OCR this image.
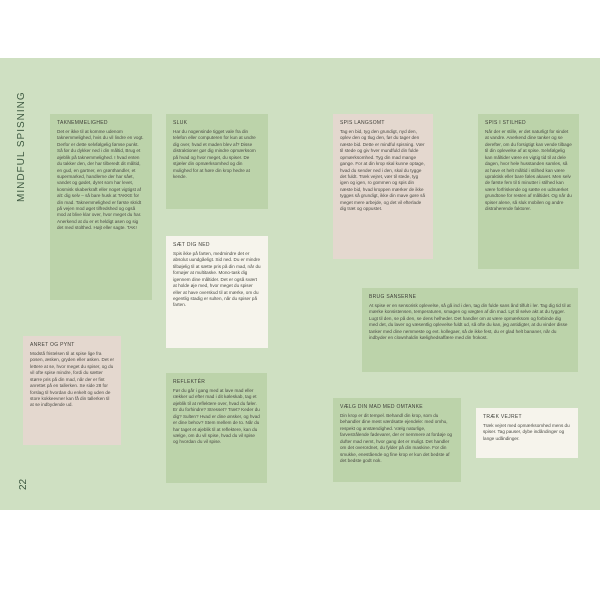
MINDFUL SPISNING
22
TAKNEMMELIGHED

Det er ikke til at komme udenom taknemmelighed, hvis du vil lindre en vogt. Derfor er dette selvfølgelig fømse punkt. Så før du dykker ned i din måltid, Brug et øjeblik på taknemmelighed. I hvad enten du takker den, der har tilberedt dit måltid, en gud, en gartner, en grønthandler, et supermarked, handlerne der har sået, vandet og gødet, dyret som har levet, kosmisk skaberkraft eller noget vigtigst af alt: dig selv – så bare husk at TAKKE for din mad. Taknemmelighed er første skridt på vejen mod øget tilfredshed og også mod at blive klar over, hvor meget du har. Anerkend at du er et heldigt asen og sig det med stolthed. Højt eller sagte. TAK!

SLUK

Har du nogensinde tigget vale fra din telefon eller computeren for kun at undre dig over, hvad et maden blev af? Disse distraktioner gør dig mindre opmærksom på hvad og hvor meget, du spiser. De stjæler din opmærksomhed og din mulighed for at høre din krop hedre at kende.

SPIS LANGSOMT

Tag en bid, tyg den grundigt, nyd den, oplev den og tlug den, før du tager den næste bid. Dette er mindful spisning. Vær til stede og giv hver mundfuld din fulde opmærksomhed. Tyg din mad mange gange. For at din krop skal kunne optage, hvad du sender ned i den, skal du tygge det fuldt. Træk vejret, vær til stede, tyg igen og igen, ro gommen og spis din næste bid, hvad kroppen mærker de ikke tygges så grundigt, ikke din mave gøre så meget mere arbejde, og det vil efterlade dig træt og oppustet.

SPIS I STILHED

Når der er stille, er det naturligt for sindet at vandre. Anerkend dine tanker og se derefter, om du forsigtigt kan vende tilbage til din oplevelse af at spise. Selvfølgelig kan måltider være en vigtig tid til at dele dagen, hvor hele husstanden samles, så at have et helt måltid i stilhed kan være upraktisk eller bare føles akavet. Men selv de første fem til ti minutter i stilhed kan være forfriskende og sætte en udmærket grundtone for resten af måltidet. Og når du spiser alene, så sluk mobilen og andre distraherende faktorer.

SÆT DIG NED

Spis ikke på farten, medmindre det er absolut uundgåeligt. Sid ned. Du er mindre tilbøjelig til at sætte pris på din mad, når du fornøjer at multitaske. Mono-task dig igennem dine måltider. Det er også svært at holde øje med, hvor meget du spiser eller at have overskud til at mærke, om du egentlig stadig er sulten, når du spiser på farten.

BRUG SANSERNE

At spise er en sensorisk oplevelse, så gå ind i den, tag din fulde sans ånd tilfult i ler. Tag dig tid til at mærke konsistensen, temperaturen, smagen og vægten af din mad. Lyt til selve akt at du tygger. Lugt til den, se på den, se dens helheder. Det handler om at være opmærksom og forbinde dig med det, du laver og væsentlig oplevelse fuldt ud, så ofte du kan, jeg antidigter, at du vinder disse tanker med dine nemmeste og evt. kollegaer, så de ikke fest, du er glad helt bananer, når du indbyder en clownhaldin kælighedsaffære med din frokost.

ANRET OG PYNT

Modstå fristelsen til at spise lige fra posen, æsken, gryden eller asken. Det er lettere at se, hvor meget du spiser, og du vil ofte spise mindre, fordi du sætter større pris på din mad, når der er fint anrettet på en tallerken. Se side 28 for forslag til hvordan du enkelt og uden de store kokkeevner kan få din tallerken til at se indbydende ud.

REFLEKTÉR

Før du går i gang med at lave mad eller rækker ud efter mad i dit køleskab, tag et øjeblik til at reflektere over, hvad du føler. Er du forhindre? Stresset? Træt? Keder du dig? Sulten? Hvad er dine ønsker, og hvad er dine behov? Stem mellem de to. Når du har taget et øjeblik til at reflektere, kan du vælge, om du vil spise, hvad du vil spise og hvordan du vil spise.

VÆLG DIN MAD MED OMTANKE

Din krop er dit tempel. Behandl din krop, som du behandler dine mest værdsatte ejendele: med omhu, respekt og anstændighed. Vælg naturlige, farvestrålende fødevarer, der er nemmere at fordøje og dufter mad nemt, hvor gang det er muligt. Det handler om det overordnet, du fylder på din maskine. For din smukke, enestående og fine krop er kun det bedste af det bedste godt nok.

TRÆK VEJRET

Træk vejret med opmærksomhed mens du spiser. Tag pauser, dybe indåndinger og lange udåndinger.
